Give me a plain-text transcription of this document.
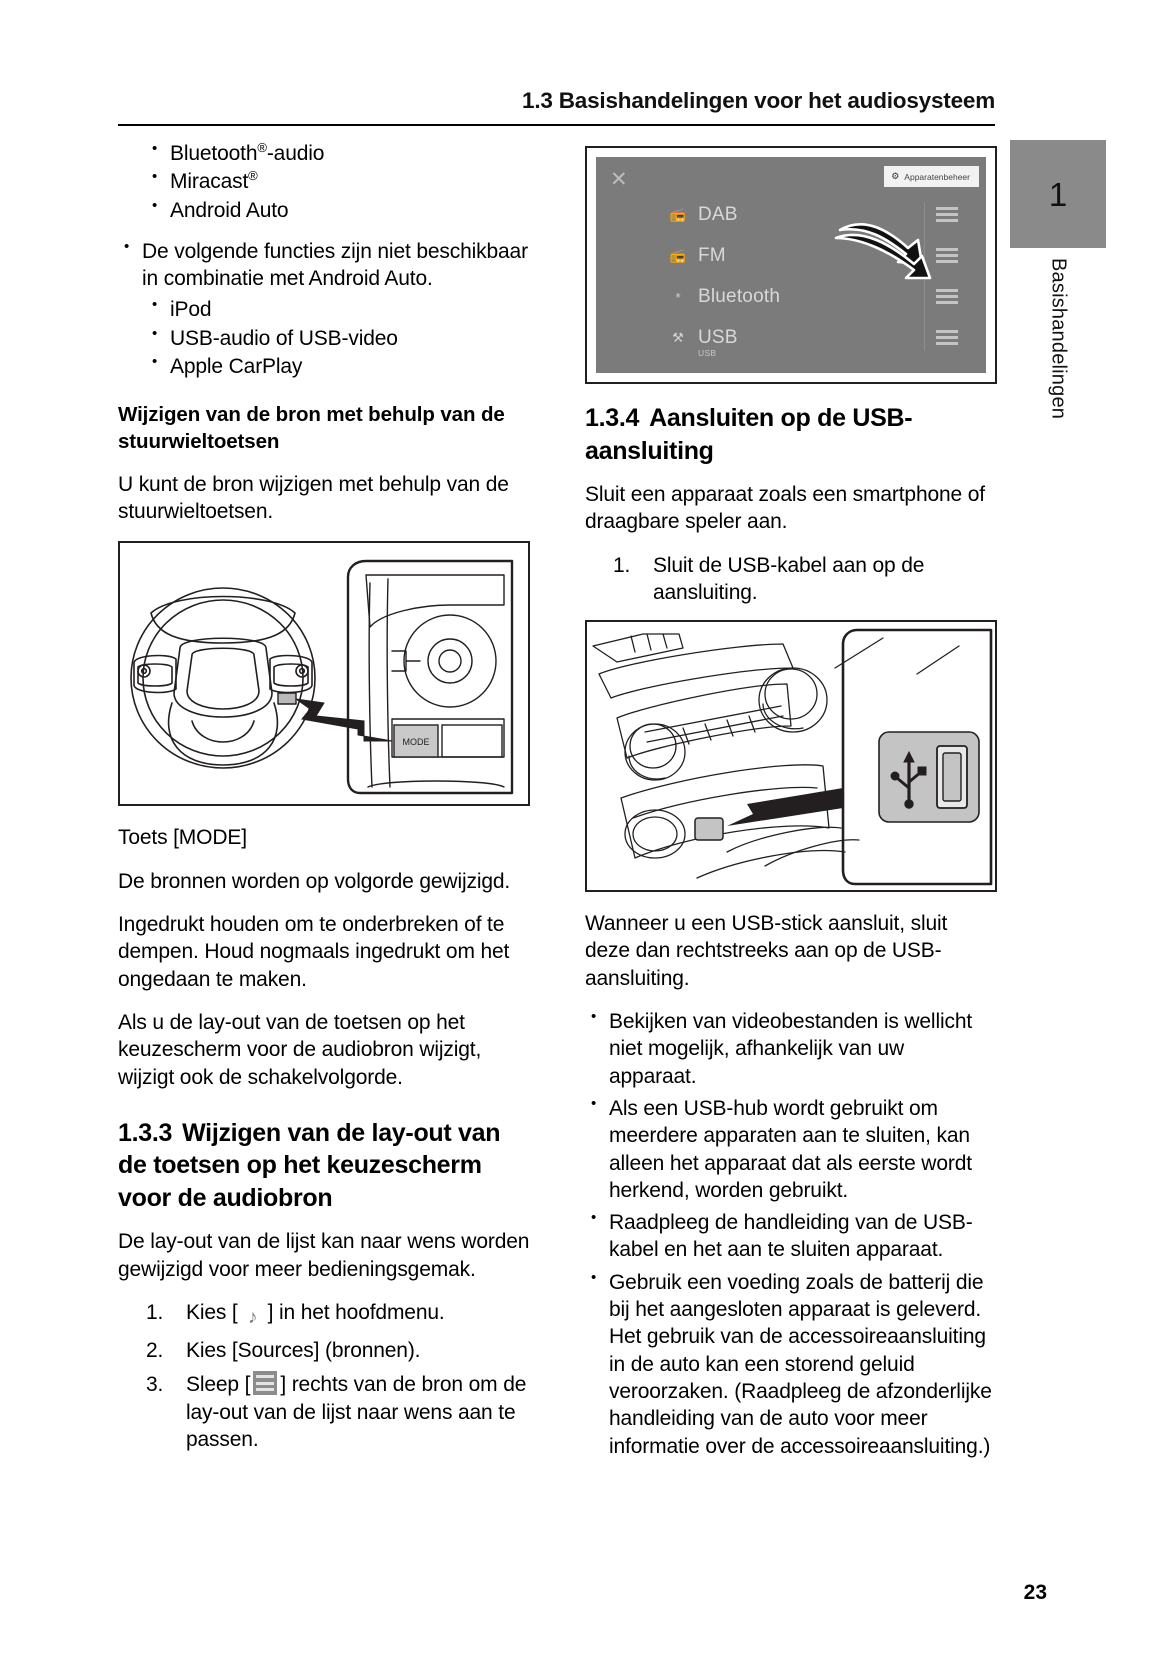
1.3 Basishandelingen voor het audiosysteem
1
Basishandelingen
• Bluetooth®-audio
• Miracast®
• Android Auto
• De volgende functies zijn niet beschikbaar in combinatie met Android Auto.
• iPod
• USB-audio of USB-video
• Apple CarPlay
Wijzigen van de bron met behulp van de stuurwieltoetsen

U kunt de bron wijzigen met behulp van de stuurwieltoetsen.

MODE

Toets [MODE]

De bronnen worden op volgorde gewijzigd.

Ingedrukt houden om te onderbreken of te dempen. Houd nogmaals ingedrukt om het ongedaan te maken.

Als u de lay-out van de toetsen op het keuzescherm voor de audiobron wijzigt, wijzigt ook de schakelvolgorde.

1.3.3 Wijzigen van de lay-out van de toetsen op het keuzescherm voor de audiobron

De lay-out van de lijst kan naar wens worden gewijzigd voor meer bedieningsgemak.

Kies [ ♪ ] in het hoofdmenu.
Kies [Sources] (bronnen).
Sleep [ ] rechts van de bron om de lay-out van de lijst naar wens aan te passen.
✕	⚙ Apparatenbeheer
📻 DAB
📻 FM
* Bluetooth
⚒ USB
USB
1.3.4 Aansluiten op de USB-aansluiting

Sluit een apparaat zoals een smartphone of draagbare speler aan.

Sluit de USB-kabel aan op de aansluiting.

Wanneer u een USB-stick aansluit, sluit deze dan rechtstreeks aan op de USB-aansluiting.

• Bekijken van videobestanden is wellicht niet mogelijk, afhankelijk van uw apparaat.
• Als een USB-hub wordt gebruikt om meerdere apparaten aan te sluiten, kan alleen het apparaat dat als eerste wordt herkend, worden gebruikt.
• Raadpleeg de handleiding van de USB-kabel en het aan te sluiten apparaat.
• Gebruik een voeding zoals de batterij die bij het aangesloten apparaat is geleverd. Het gebruik van de accessoireaansluiting in de auto kan een storend geluid veroorzaken. (Raadpleeg de afzonderlijke handleiding van de auto voor meer informatie over de accessoireaansluiting.)
23
